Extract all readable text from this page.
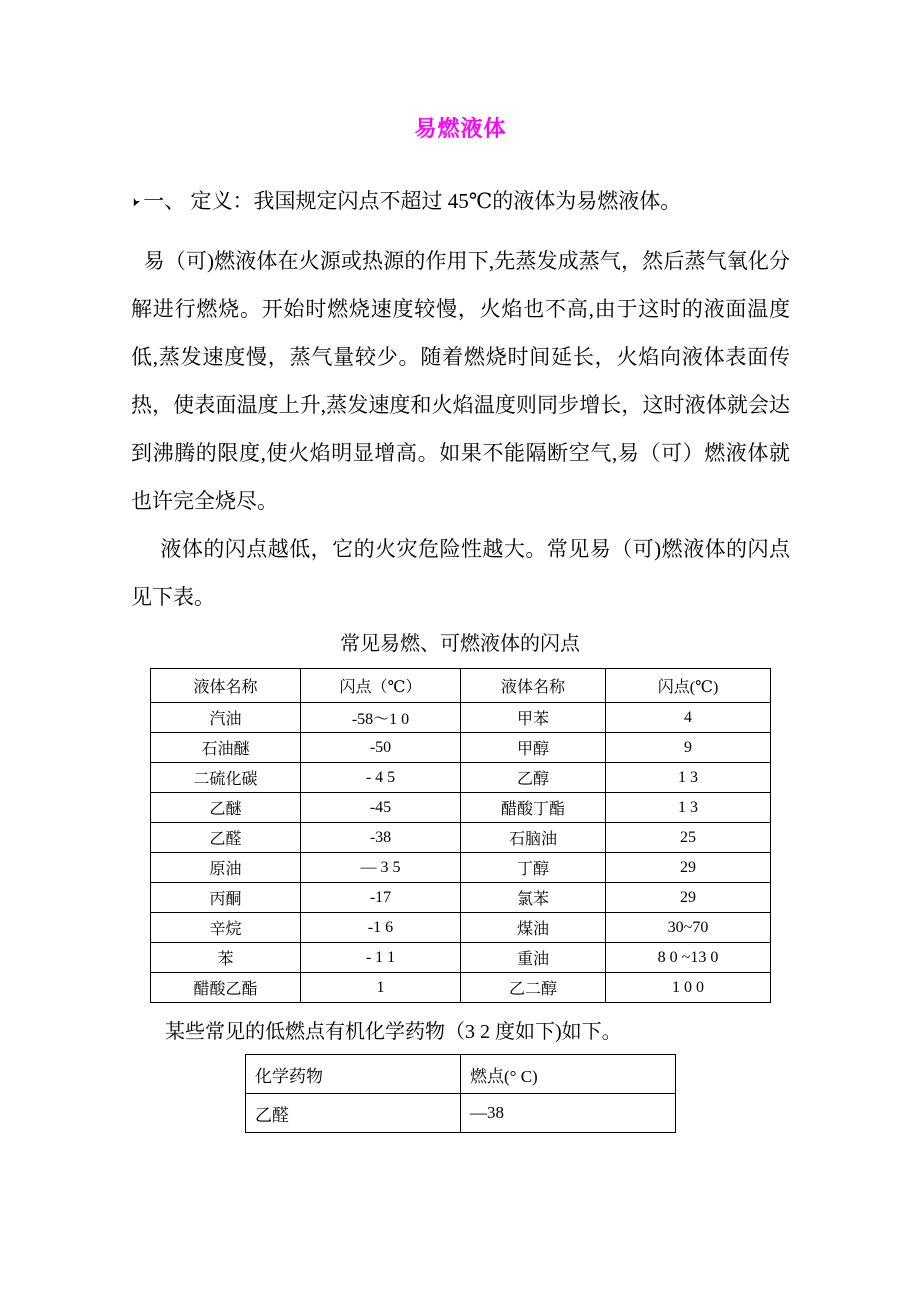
易燃液体
➤一、 定义：我国规定闪点不超过 45℃的液体为易燃液体。

易（可)燃液体在火源或热源的作用下,先蒸发成蒸气，然后蒸气氧化分解进行燃烧。开始时燃烧速度较慢，火焰也不高,由于这时的液面温度低,蒸发速度慢，蒸气量较少。随着燃烧时间延长，火焰向液体表面传热，使表面温度上升,蒸发速度和火焰温度则同步增长，这时液体就会达到沸腾的限度,使火焰明显增高。如果不能隔断空气,易（可）燃液体就也许完全烧尽。

液体的闪点越低，它的火灾危险性越大。常见易（可)燃液体的闪点见下表。

常见易燃、可燃液体的闪点
液体名称	闪点（℃）	液体名称	闪点(℃)
汽油	-58～1 0	甲苯	4
石油醚	-50	甲醇	9
二硫化碳	- 4 5	乙醇	1 3
乙醚	-45	醋酸丁酯	1 3
乙醛	-38	石脑油	25
原油	— 3 5	丁醇	29
丙酮	-17	氯苯	29
辛烷	-1 6	煤油	30~70
苯	- 1 1	重油	8 0 ~13 0
醋酸乙酯	1	乙二醇	1 0 0

某些常见的低燃点有机化学药物（3 2 度如下)如下。

化学药物	燃点(° C)
乙醛	—38
